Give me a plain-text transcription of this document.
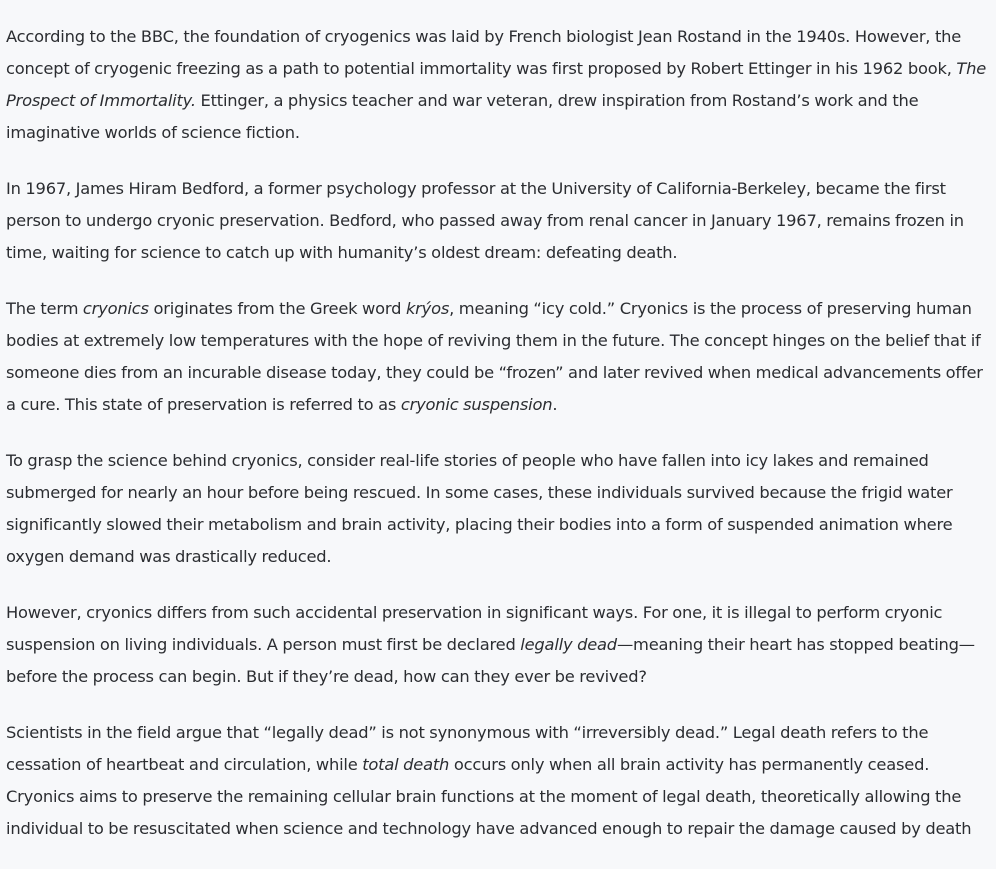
According to the BBC, the foundation of cryogenics was laid by French biologist Jean Rostand in the 1940s. However, the concept of cryogenic freezing as a path to potential immortality was first proposed by Robert Ettinger in his 1962 book, The Prospect of Immortality. Ettinger, a physics teacher and war veteran, drew inspiration from Rostand’s work and the imaginative worlds of science fiction.

In 1967, James Hiram Bedford, a former psychology professor at the University of California-Berkeley, became the first person to undergo cryonic preservation. Bedford, who passed away from renal cancer in January 1967, remains frozen in time, waiting for science to catch up with humanity’s oldest dream: defeating death.

The term cryonics originates from the Greek word krýos, meaning “icy cold.” Cryonics is the process of preserving human bodies at extremely low temperatures with the hope of reviving them in the future. The concept hinges on the belief that if someone dies from an incurable disease today, they could be “frozen” and later revived when medical advancements offer a cure. This state of preservation is referred to as cryonic suspension.

To grasp the science behind cryonics, consider real-life stories of people who have fallen into icy lakes and remained submerged for nearly an hour before being rescued. In some cases, these individuals survived because the frigid water significantly slowed their metabolism and brain activity, placing their bodies into a form of suspended animation where oxygen demand was drastically reduced.

However, cryonics differs from such accidental preservation in significant ways. For one, it is illegal to perform cryonic suspension on living individuals. A person must first be declared legally dead—meaning their heart has stopped beating—before the process can begin. But if they’re dead, how can they ever be revived?

Scientists in the field argue that “legally dead” is not synonymous with “irreversibly dead.” Legal death refers to the cessation of heartbeat and circulation, while total death occurs only when all brain activity has permanently ceased. Cryonics aims to preserve the remaining cellular brain functions at the moment of legal death, theoretically allowing the individual to be resuscitated when science and technology have advanced enough to repair the damage caused by death
